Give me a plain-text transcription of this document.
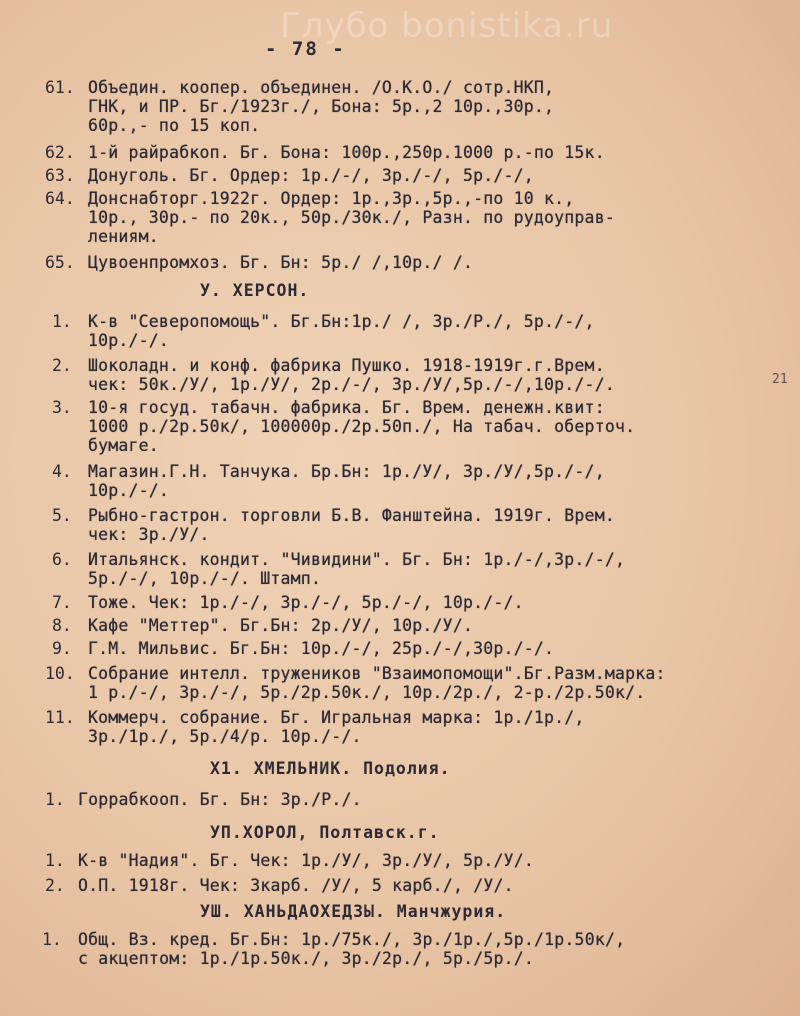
Глубо bonistika.ru
- 78 -
21
61. Объедин. коопер. объединен. /О.К.О./ сотр.НКП,
ГНК, и ПР. Бг./1923г./, Бона: 5р.,2 10р.,30р.,
60р.,- по 15 коп.
62. 1-й райрабкоп. Бг. Бона: 100р.,250р.1000 р.-по 15к.
63. Донуголь. Бг. Ордер: 1р./-/, 3р./-/, 5р./-/,
64. Донснабторг.1922г. Ордер: 1р.,3р.,5р.,-по 10 к.,
10р., 30р.- по 20к., 50р./30к./, Разн. по рудоуправ-
лениям.
65. Цувоенпромхоз. Бг. Бн: 5р./ /,10р./ /.
У. ХЕРСОН.
1. К-в "Северопомощь". Бг.Бн:1р./ /, 3р./Р./, 5р./-/,
10р./-/.
2. Шоколадн. и конф. фабрика Пушко. 1918-1919г.г.Врем.
чек: 50к./У/, 1р./У/, 2р./-/, 3р./У/,5р./-/,10р./-/.
3. 10-я госуд. табачн. фабрика. Бг. Врем. денежн.квит:
1000 р./2р.50к/, 100000р./2р.50п./, На табач. оберточ.
бумаге.
4. Магазин.Г.Н. Танчука. Бр.Бн: 1р./У/, 3р./У/,5р./-/,
10р./-/.
5. Рыбно-гастрон. торговли Б.В. Фанштейна. 1919г. Врем.
чек: 3р./У/.
6. Итальянск. кондит. "Чивидини". Бг. Бн: 1р./-/,3р./-/,
5р./-/, 10р./-/. Штамп.
7. Тоже. Чек: 1р./-/, 3р./-/, 5р./-/, 10р./-/.
8. Кафе "Меттер". Бг.Бн: 2р./У/, 10р./У/.
9. Г.М. Мильвис. Бг.Бн: 10р./-/, 25р./-/,30р./-/.
10. Собрание интелл. тружеников "Взаимопомощи".Бг.Разм.марка:
1 р./-/, 3р./-/, 5р./2р.50к./, 10р./2р./, 2-р./2р.50к/.
11. Коммерч. собрание. Бг. Игральная марка: 1р./1р./,
3р./1р./, 5р./4/р. 10р./-/.
Х1. ХМЕЛЬНИК. Подолия.
1. Горрабкооп. Бг. Бн: 3р./Р./.
УП.ХОРОЛ, Полтавск.г.
1. К-в "Надия". Бг. Чек: 1р./У/, 3р./У/, 5р./У/.
2. О.П. 1918г. Чек: 3карб. /У/, 5 карб./, /У/.
УШ. ХАНЬДАОХЕДЗЫ. Манчжурия.
1. Общ. Вз. кред. Бг.Бн: 1р./75к./, 3р./1р./,5р./1р.50к/,
с акцептом: 1р./1р.50к./, 3р./2р./, 5р./5р./.
